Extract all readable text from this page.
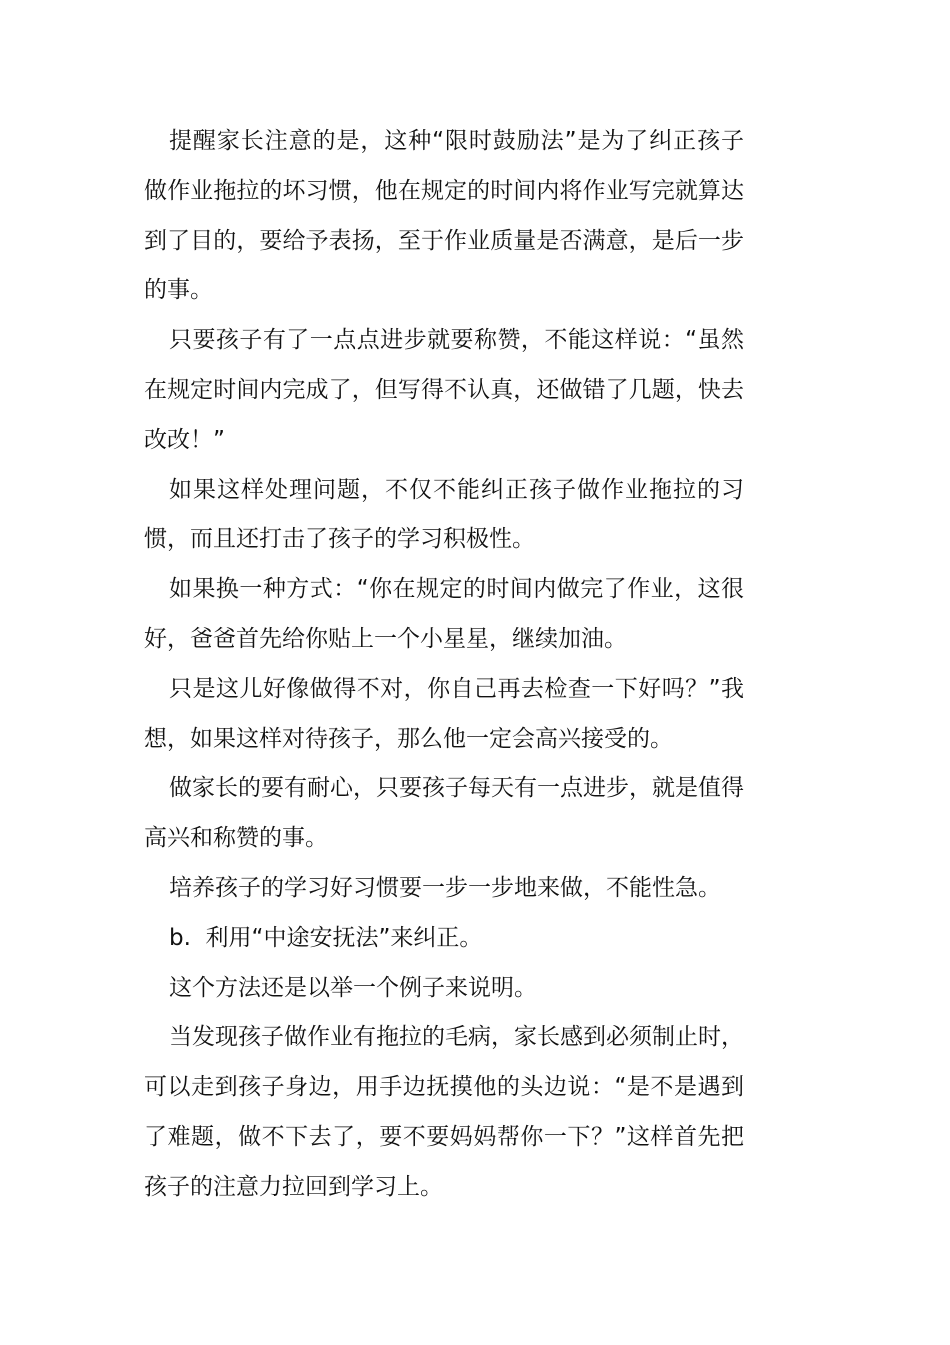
提醒家长注意的是，这种“限时鼓励法”是为了纠正孩子做作业拖拉的坏习惯，他在规定的时间内将作业写完就算达到了目的，要给予表扬，至于作业质量是否满意，是后一步的事。

只要孩子有了一点点进步就要称赞，不能这样说：“虽然在规定时间内完成了，但写得不认真，还做错了几题，快去改改！”

如果这样处理问题，不仅不能纠正孩子做作业拖拉的习惯，而且还打击了孩子的学习积极性。

如果换一种方式：“你在规定的时间内做完了作业，这很好，爸爸首先给你贴上一个小星星，继续加油。

只是这儿好像做得不对，你自己再去检查一下好吗？”我想，如果这样对待孩子，那么他一定会高兴接受的。

做家长的要有耐心，只要孩子每天有一点进步，就是值得高兴和称赞的事。

培养孩子的学习好习惯要一步一步地来做，不能性急。

b.  利用“中途安抚法”来纠正。

这个方法还是以举一个例子来说明。

当发现孩子做作业有拖拉的毛病，家长感到必须制止时，可以走到孩子身边，用手边抚摸他的头边说：“是不是遇到了难题，做不下去了，要不要妈妈帮你一下？”这样首先把孩子的注意力拉回到学习上。
